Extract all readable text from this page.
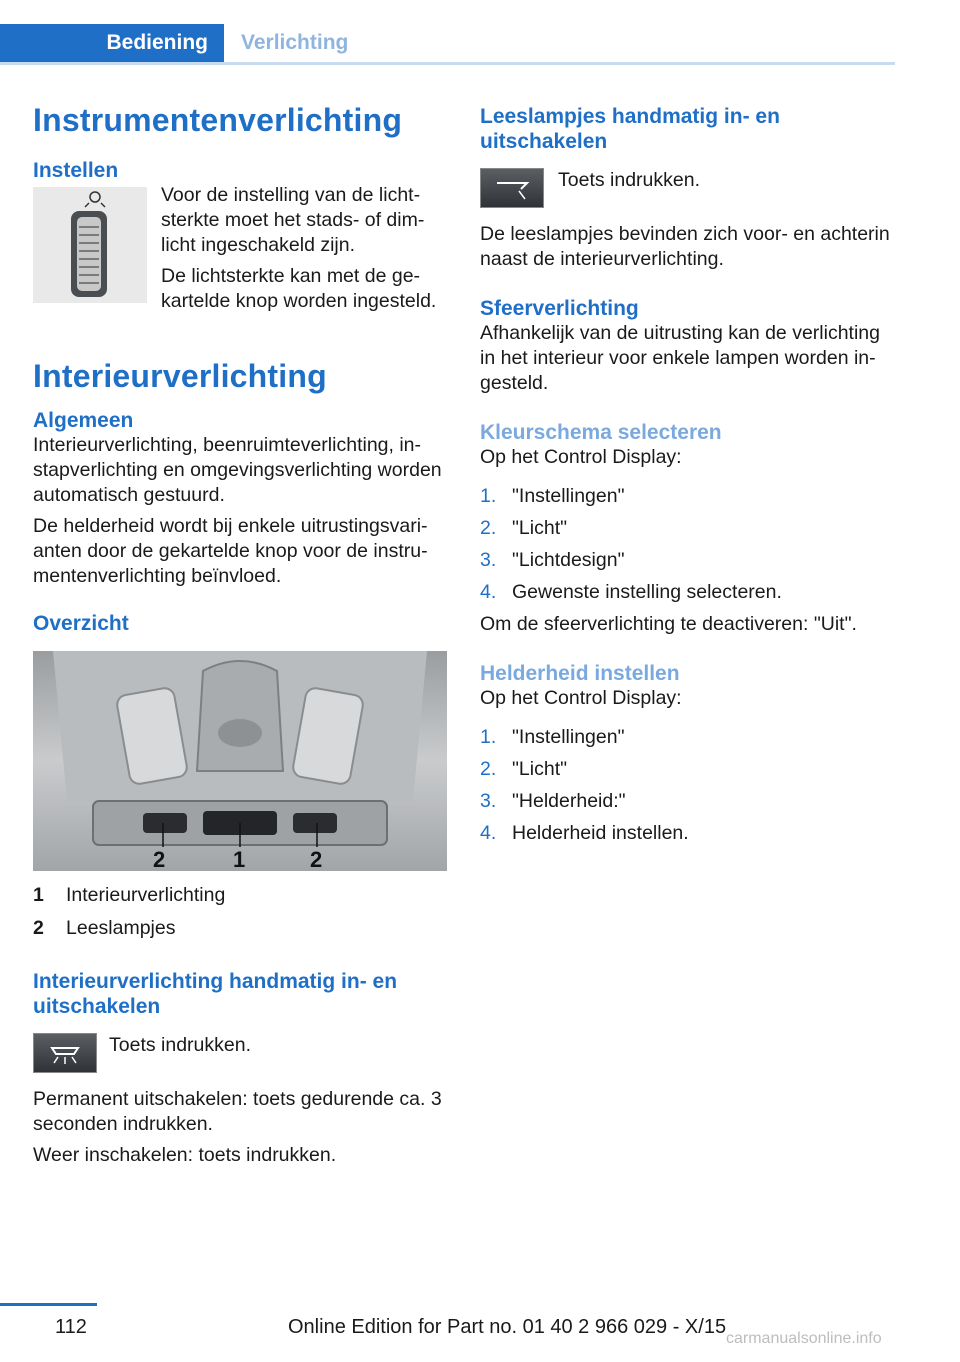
Bediening	Verlichting
Instrumentenverlichting
Instellen

Voor de instelling van de lichtsterkte moet het stads- of dimlicht ingeschakeld zijn.

De lichtsterkte kan met de gekartelde knop worden ingesteld.

Interieurverlichting
Algemeen

Interieurverlichting, beenruimteverlichting, instapverlichting en omgevingsverlichting worden automatisch gestuurd.

De helderheid wordt bij enkele uitrustingsvarianten door de gekartelde knop voor de instrumentenverlichting beïnvloed.

Overzicht
2	1	2
1	Interieurverlichting
2	Leeslampjes
Interieurverlichting handmatig in- en uitschakelen

Toets indrukken.

Permanent uitschakelen: toets gedurende ca. 3 seconden indrukken.

Weer inschakelen: toets indrukken.

Leeslampjes handmatig in- en uitschakelen

Toets indrukken.

De leeslampjes bevinden zich voor- en achterin naast de interieurverlichting.

Sfeerverlichting

Afhankelijk van de uitrusting kan de verlichting in het interieur voor enkele lampen worden ingesteld.

Kleurschema selecteren

Op het Control Display:

1. "Instellingen"
2. "Licht"
3. "Lichtdesign"
4. Gewenste instelling selecteren.

Om de sfeerverlichting te deactiveren: "Uit".

Helderheid instellen

Op het Control Display:

1. "Instellingen"
2. "Licht"
3. "Helderheid:"
4. Helderheid instellen.
112	Online Edition for Part no. 01 40 2 966 029 - X/15
carmanualsonline.info
